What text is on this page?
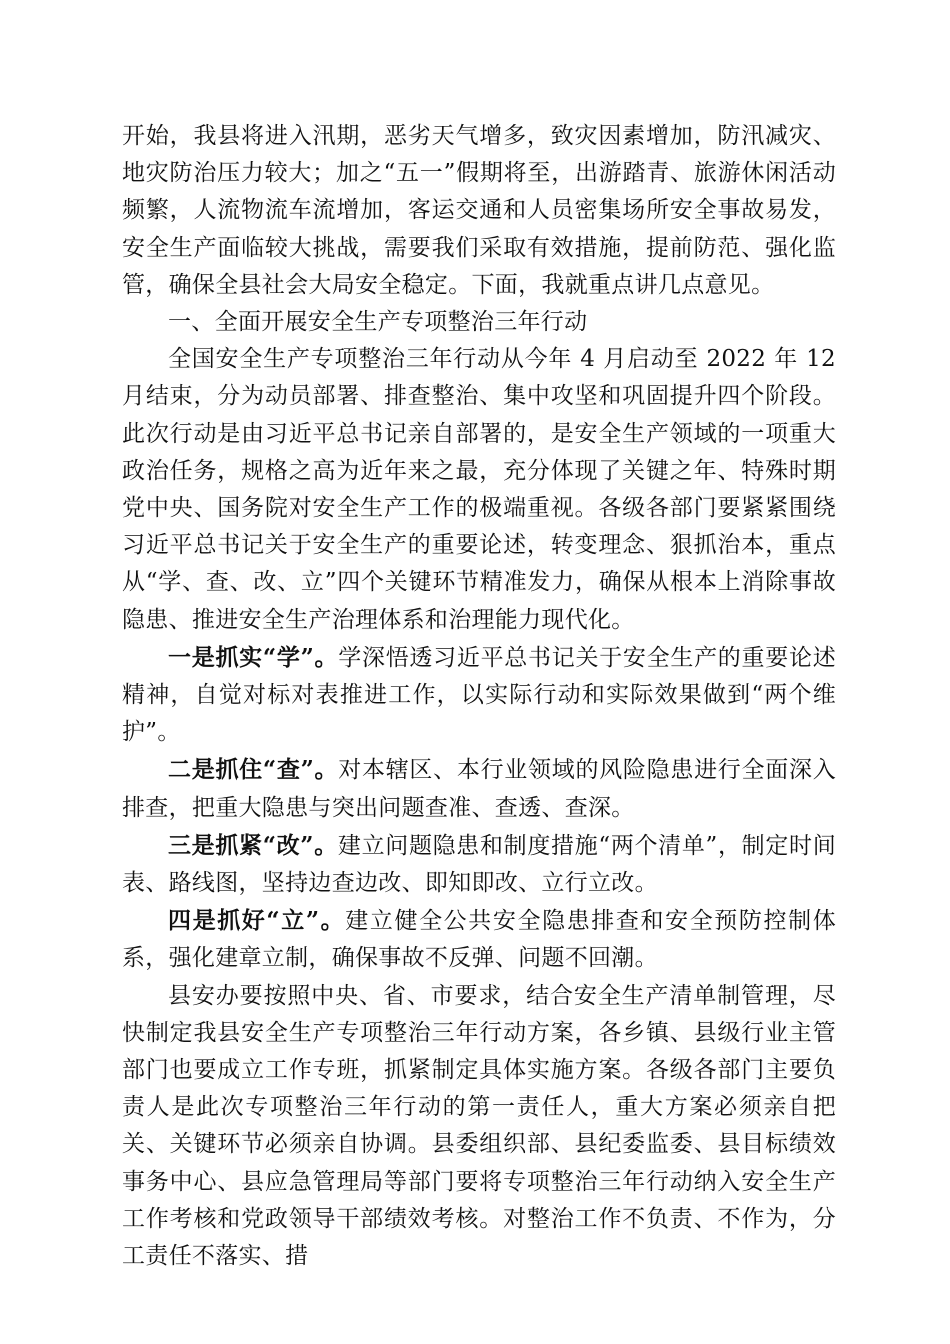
开始，我县将进入汛期，恶劣天气增多，致灾因素增加，防汛减灾、地灾防治压力较大；加之“五一”假期将至，出游踏青、旅游休闲活动频繁，人流物流车流增加，客运交通和人员密集场所安全事故易发，安全生产面临较大挑战，需要我们采取有效措施，提前防范、强化监管，确保全县社会大局安全稳定。下面，我就重点讲几点意见。

一、全面开展安全生产专项整治三年行动

全国安全生产专项整治三年行动从今年 4 月启动至 2022 年 12 月结束，分为动员部署、排查整治、集中攻坚和巩固提升四个阶段。此次行动是由习近平总书记亲自部署的，是安全生产领域的一项重大政治任务，规格之高为近年来之最，充分体现了关键之年、特殊时期党中央、国务院对安全生产工作的极端重视。各级各部门要紧紧围绕习近平总书记关于安全生产的重要论述，转变理念、狠抓治本，重点从“学、查、改、立”四个关键环节精准发力，确保从根本上消除事故隐患、推进安全生产治理体系和治理能力现代化。

一是抓实“学”。学深悟透习近平总书记关于安全生产的重要论述精神，自觉对标对表推进工作，以实际行动和实际效果做到“两个维护”。

二是抓住“查”。对本辖区、本行业领域的风险隐患进行全面深入排查，把重大隐患与突出问题查准、查透、查深。

三是抓紧“改”。建立问题隐患和制度措施“两个清单”，制定时间表、路线图，坚持边查边改、即知即改、立行立改。

四是抓好“立”。建立健全公共安全隐患排查和安全预防控制体系，强化建章立制，确保事故不反弹、问题不回潮。

县安办要按照中央、省、市要求，结合安全生产清单制管理，尽快制定我县安全生产专项整治三年行动方案，各乡镇、县级行业主管部门也要成立工作专班，抓紧制定具体实施方案。各级各部门主要负责人是此次专项整治三年行动的第一责任人，重大方案必须亲自把关、关键环节必须亲自协调。县委组织部、县纪委监委、县目标绩效事务中心、县应急管理局等部门要将专项整治三年行动纳入安全生产工作考核和党政领导干部绩效考核。对整治工作不负责、不作为，分工责任不落实、措
